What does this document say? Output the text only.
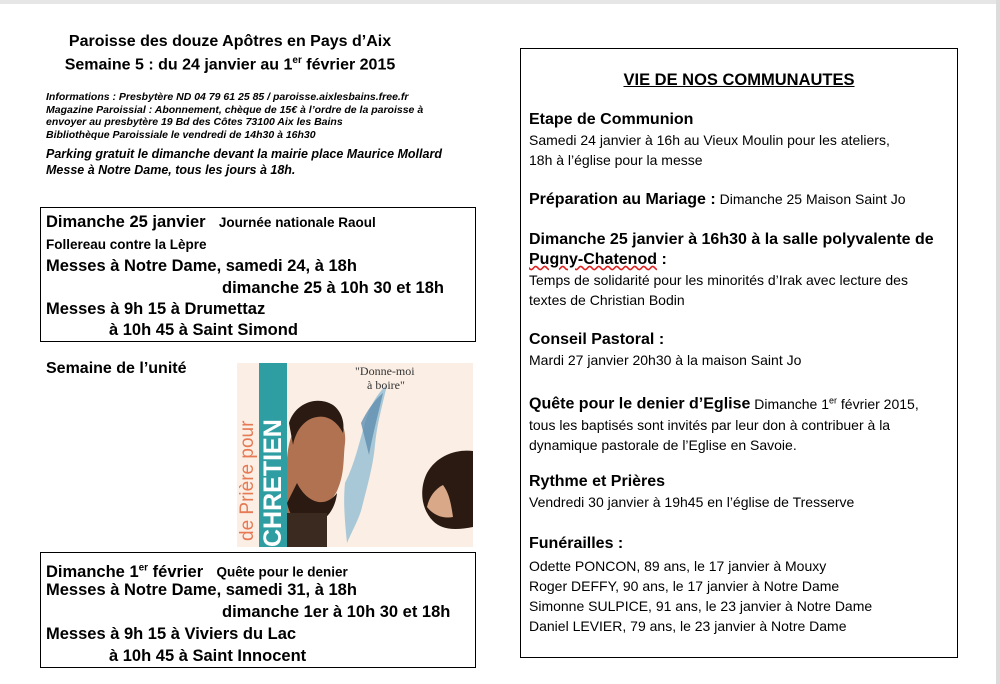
Paroisse des douze Apôtres en Pays d’Aix
Semaine 5 : du 24 janvier au 1er février 2015
Informations : Presbytère ND 04 79 61 25 85 / paroisse.aixlesbains.free.fr
Magazine Paroissial : Abonnement, chèque de 15€ à l’ordre de la paroisse à
envoyer au presbytère 19 Bd des Côtes 73100 Aix les Bains
Bibliothèque Paroissiale le vendredi de 14h30 à 16h30
Parking gratuit le dimanche devant la mairie place Maurice Mollard
Messe à Notre Dame, tous les jours à 18h.
Dimanche 25 janvier Journée nationale Raoul
Follereau contre la Lèpre
Messes à Notre Dame, samedi 24, à 18h
dimanche 25 à 10h 30 et 18h
Messes à 9h 15 à Drumettaz
à 10h 45 à Saint Simond
Semaine de l’unité
de Prière pour CHRETIEN
"Donne-moi
à boire"
Dimanche 1er février Quête pour le denier
Messes à Notre Dame, samedi 31, à 18h
dimanche 1er à 10h 30 et 18h
Messes à 9h 15 à Viviers du Lac
à 10h 45 à Saint Innocent
VIE DE NOS COMMUNAUTES
Etape de Communion
Samedi 24 janvier à 16h au Vieux Moulin pour les ateliers,
18h à l’église pour la messe
Préparation au Mariage : Dimanche 25 Maison Saint Jo
Dimanche 25 janvier à 16h30 à la salle polyvalente de
Pugny-Chatenod :
Temps de solidarité pour les minorités d’Irak avec lecture des
textes de Christian Bodin
Conseil Pastoral :
Mardi 27 janvier 20h30 à la maison Saint Jo
Quête pour le denier d’Eglise Dimanche 1er février 2015,
tous les baptisés sont invités par leur don à contribuer à la
dynamique pastorale de l’Eglise en Savoie.
Rythme et Prières
Vendredi 30 janvier à 19h45 en l’église de Tresserve
Funérailles :
Odette PONCON, 89 ans, le 17 janvier à Mouxy
Roger DEFFY, 90 ans, le 17 janvier à Notre Dame
Simonne SULPICE, 91 ans, le 23 janvier à Notre Dame
Daniel LEVIER, 79 ans, le 23 janvier à Notre Dame
